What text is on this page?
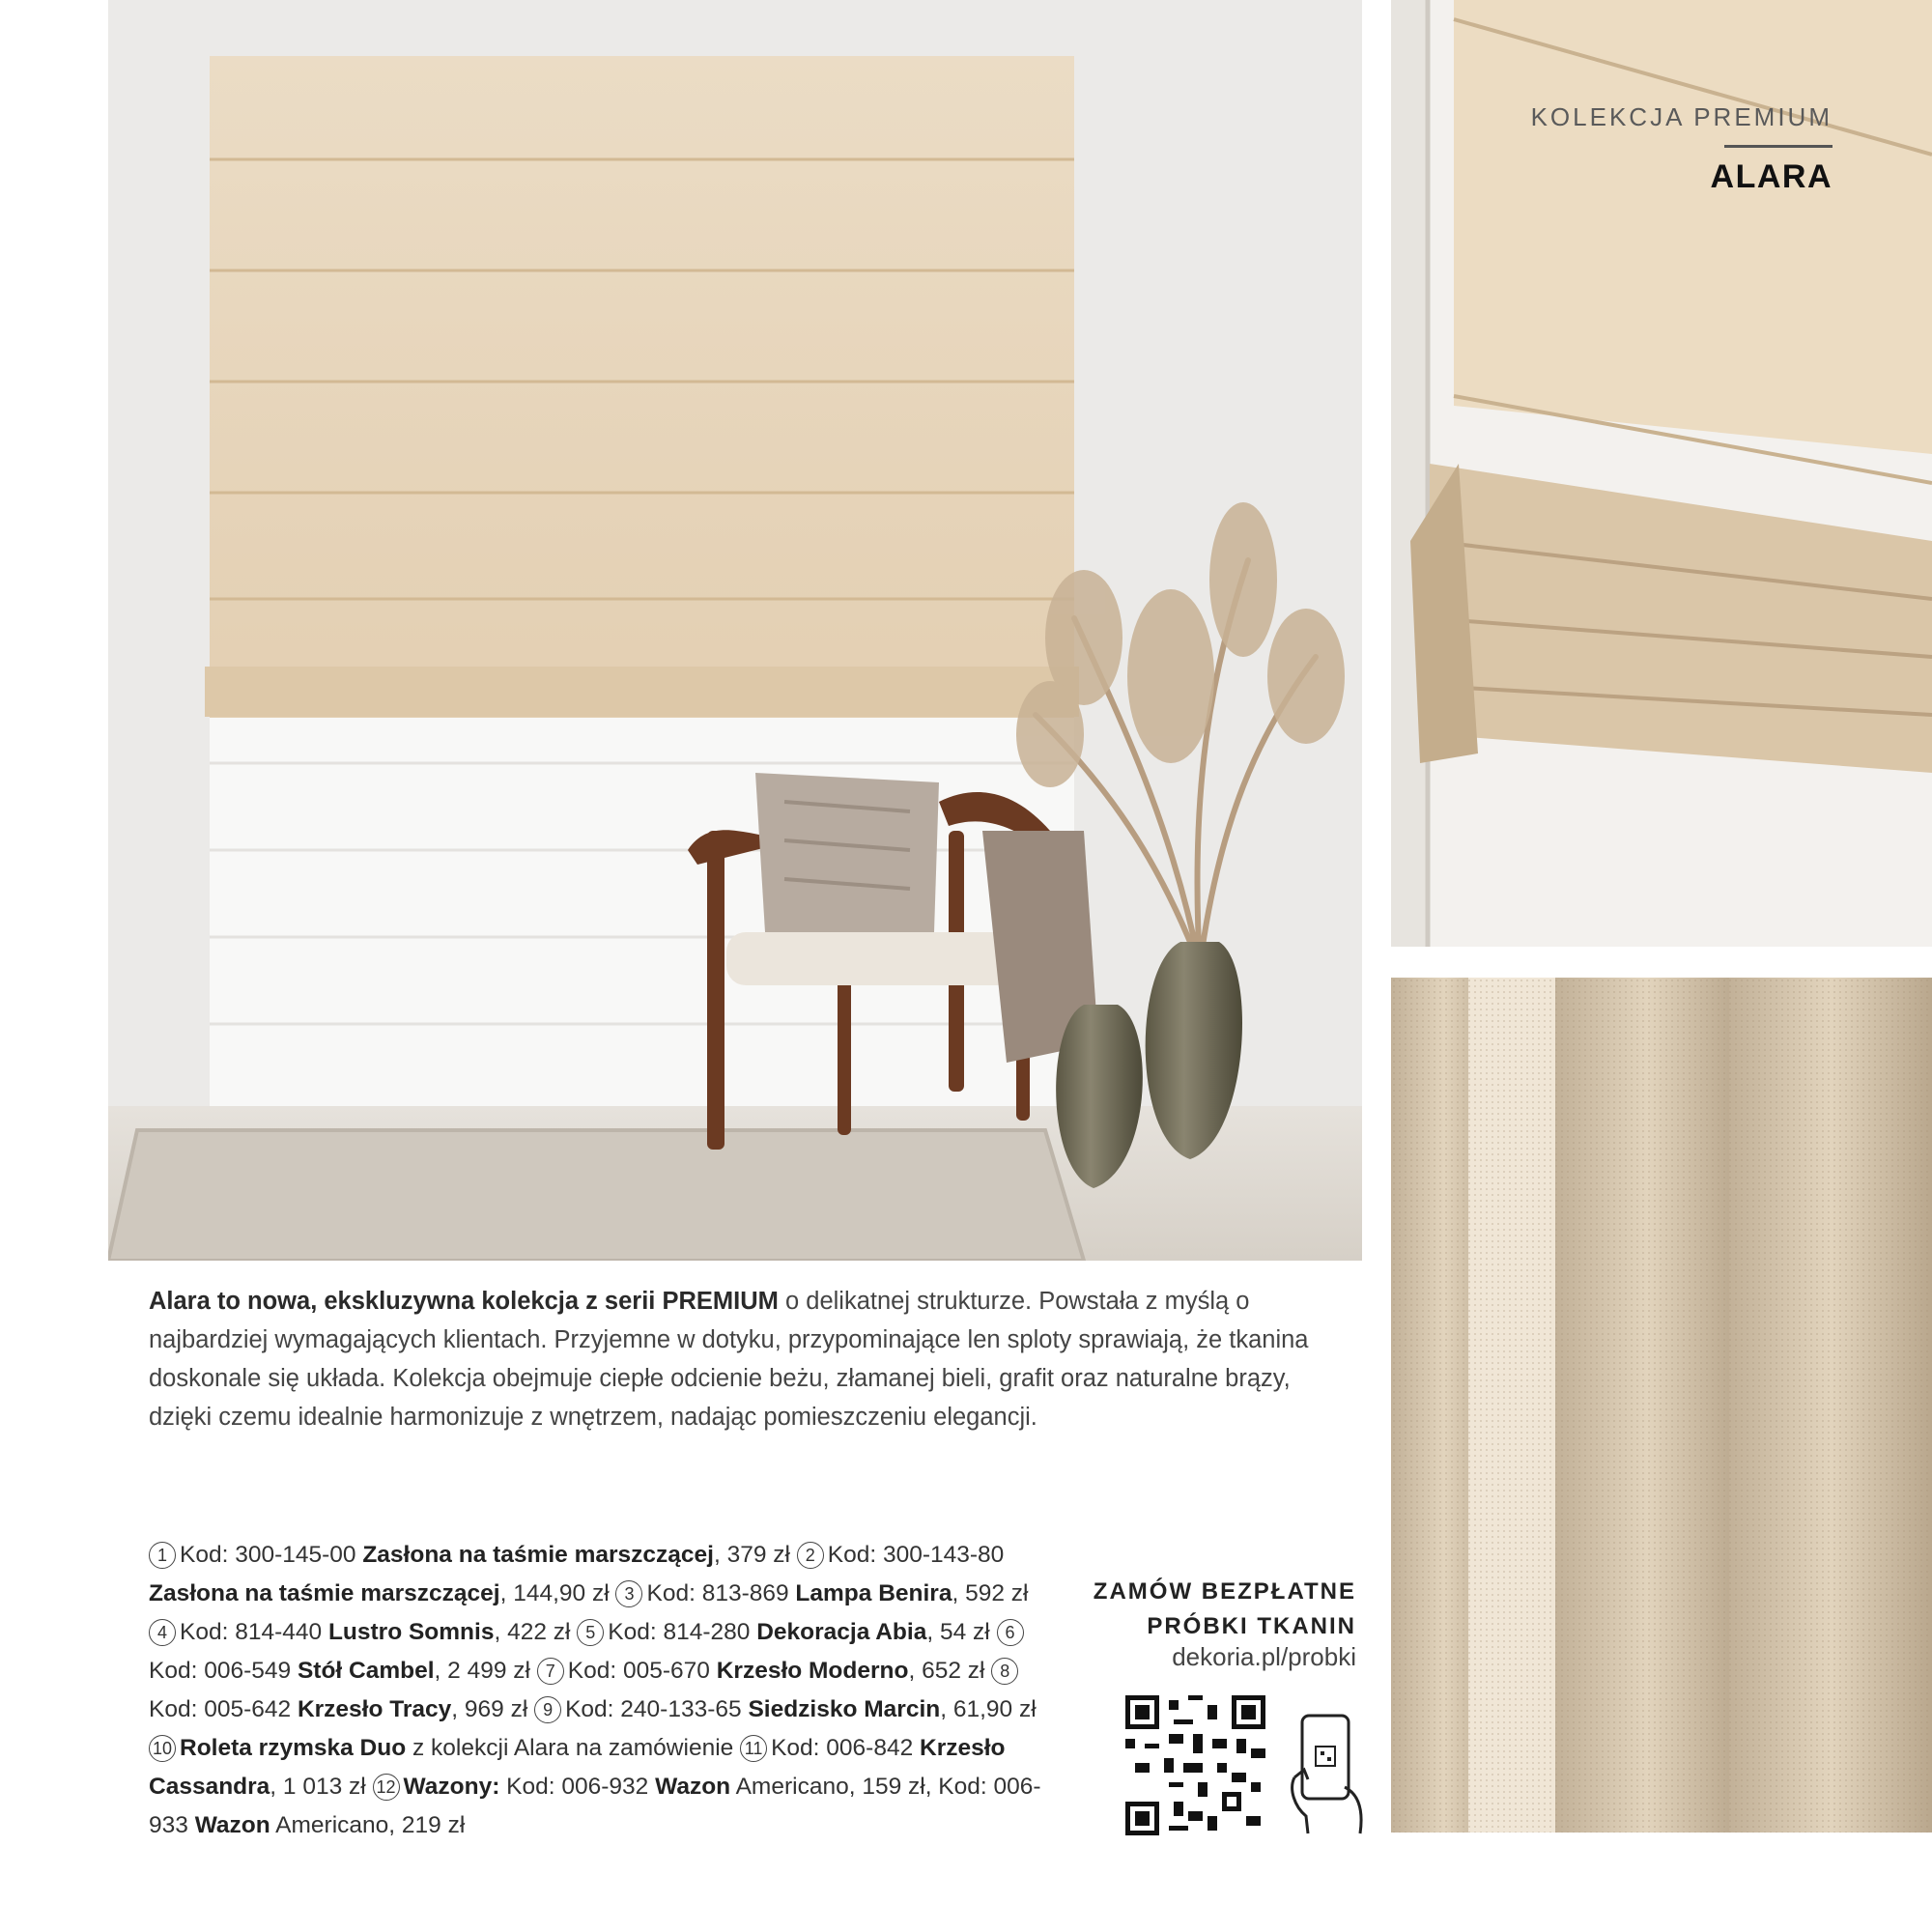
KOLEKCJA PREMIUM
ALARA
Alara to nowa, ekskluzywna kolekcja z serii PREMIUM o delikatnej strukturze. Powstała z myślą o najbardziej wymagających klientach. Przyjemne w dotyku, przypominające len sploty sprawiają, że tkanina doskonale się układa. Kolekcja obejmuje ciepłe odcienie beżu, złamanej bieli, grafit oraz naturalne brązy, dzięki czemu idealnie harmonizuje z wnętrzem, nadając pomieszczeniu elegancji.
1 Kod: 300-145-00 Zasłona na taśmie marszczącej, 379 zł 2 Kod: 300-143-80 Zasłona na taśmie marszczącej, 144,90 zł 3 Kod: 813-869 Lampa Benira, 592 zł 4 Kod: 814-440 Lustro Somnis, 422 zł 5 Kod: 814-280 Dekoracja Abia, 54 zł 6Kod: 006-549 Stół Cambel, 2 499 zł 7 Kod: 005-670 Krzesło Moderno, 652 zł 8Kod: 005-642 Krzesło Tracy, 969 zł 9 Kod: 240-133-65 Siedzisko Marcin, 61,90 zł 10 Roleta rzymska Duo z kolekcji Alara na zamówienie 11 Kod: 006-842 Krzesło Cassandra, 1 013 zł 12 Wazony: Kod: 006-932 Wazon Americano, 159 zł, Kod: 006-933 Wazon Americano, 219 zł
ZAMÓW BEZPŁATNE
PRÓBKI TKANIN
dekoria.pl/probki
